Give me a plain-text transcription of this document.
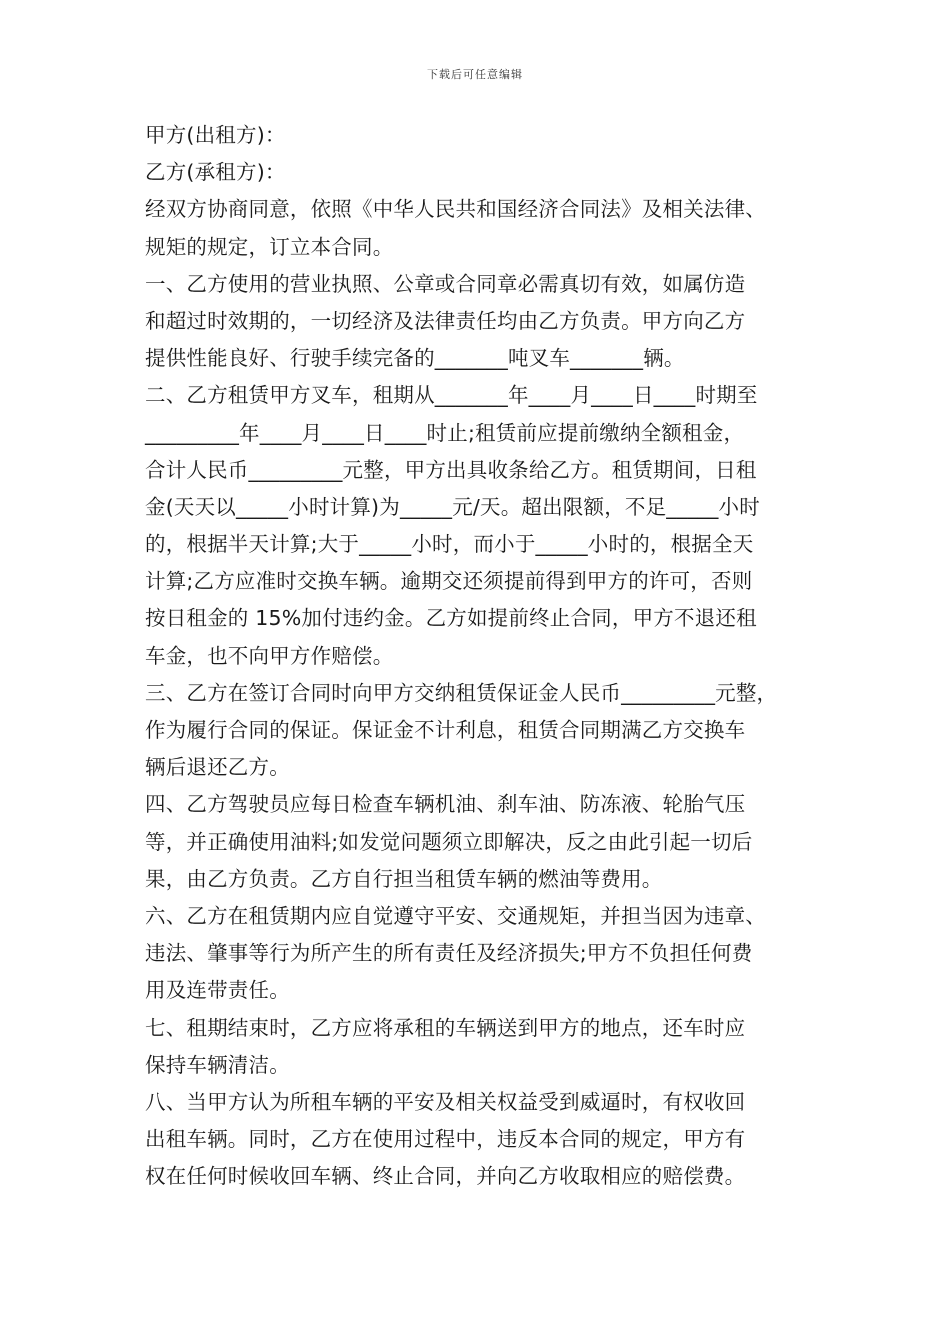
下载后可任意编辑
甲方(出租方)：
乙方(承租方)：
经双方协商同意，依照《中华人民共和国经济合同法》及相关法律、
规矩的规定，订立本合同。
一、乙方使用的营业执照、公章或合同章必需真切有效，如属仿造
和超过时效期的，一切经济及法律责任均由乙方负责。甲方向乙方
提供性能良好、行驶手续完备的_______吨叉车_______辆。
二、乙方租赁甲方叉车，租期从_______年____月____日____时期至
_________年____月____日____时止;租赁前应提前缴纳全额租金，
合计人民币_________元整，甲方出具收条给乙方。租赁期间，日租
金(天天以_____小时计算)为_____元/天。超出限额，不足_____小时
的，根据半天计算;大于_____小时，而小于_____小时的，根据全天
计算;乙方应准时交换车辆。逾期交还须提前得到甲方的许可，否则
按日租金的 15%加付违约金。乙方如提前终止合同，甲方不退还租
车金，也不向甲方作赔偿。
三、乙方在签订合同时向甲方交纳租赁保证金人民币_________元整，
作为履行合同的保证。保证金不计利息，租赁合同期满乙方交换车
辆后退还乙方。
四、乙方驾驶员应每日检查车辆机油、刹车油、防冻液、轮胎气压
等，并正确使用油料;如发觉问题须立即解决，反之由此引起一切后
果，由乙方负责。乙方自行担当租赁车辆的燃油等费用。
六、乙方在租赁期内应自觉遵守平安、交通规矩，并担当因为违章、
违法、肇事等行为所产生的所有责任及经济损失;甲方不负担任何费
用及连带责任。
七、租期结束时，乙方应将承租的车辆送到甲方的地点，还车时应
保持车辆清洁。
八、当甲方认为所租车辆的平安及相关权益受到威逼时，有权收回
出租车辆。同时，乙方在使用过程中，违反本合同的规定，甲方有
权在任何时候收回车辆、终止合同，并向乙方收取相应的赔偿费。
